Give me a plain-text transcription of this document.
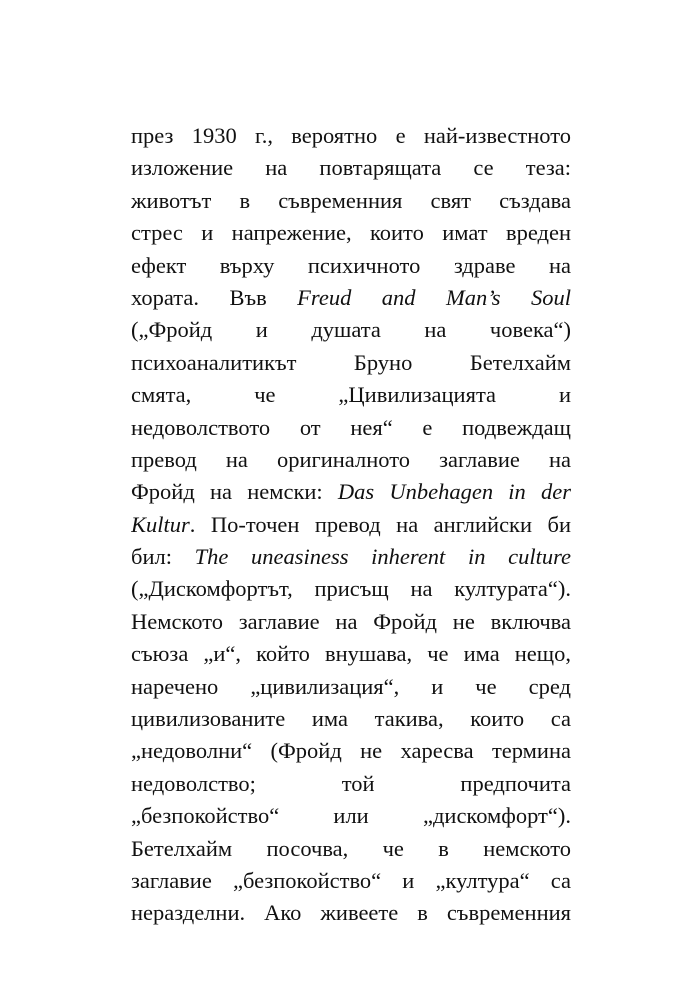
през 1930 г., вероятно е най-известното
изложение на повтарящата се теза:
животът в съвременния свят създава
стрес и напрежение, които имат вреден
ефект върху психичното здраве на
хората. Във Freud and Man’s Soul
(„Фройд и душата на човека“)
психоаналитикът Бруно Бетелхайм
смята, че „Цивилизацията и
недоволството от нея“ е подвеждащ
превод на оригиналното заглавие на
Фройд на немски: Das Unbehagen in der
Kultur. По-точен превод на английски би
бил: The uneasiness inherent in culture
(„Дискомфортът, присъщ на културата“).
Немското заглавие на Фройд не включва
съюза „и“, който внушава, че има нещо,
наречено „цивилизация“, и че сред
цивилизованите има такива, които са
„недоволни“ (Фройд не харесва термина
недоволство; той предпочита
„безпокойство“ или „дискомфорт“).
Бетелхайм посочва, че в немското
заглавие „безпокойство“ и „култура“ са
неразделни. Ако живеете в съвременния
